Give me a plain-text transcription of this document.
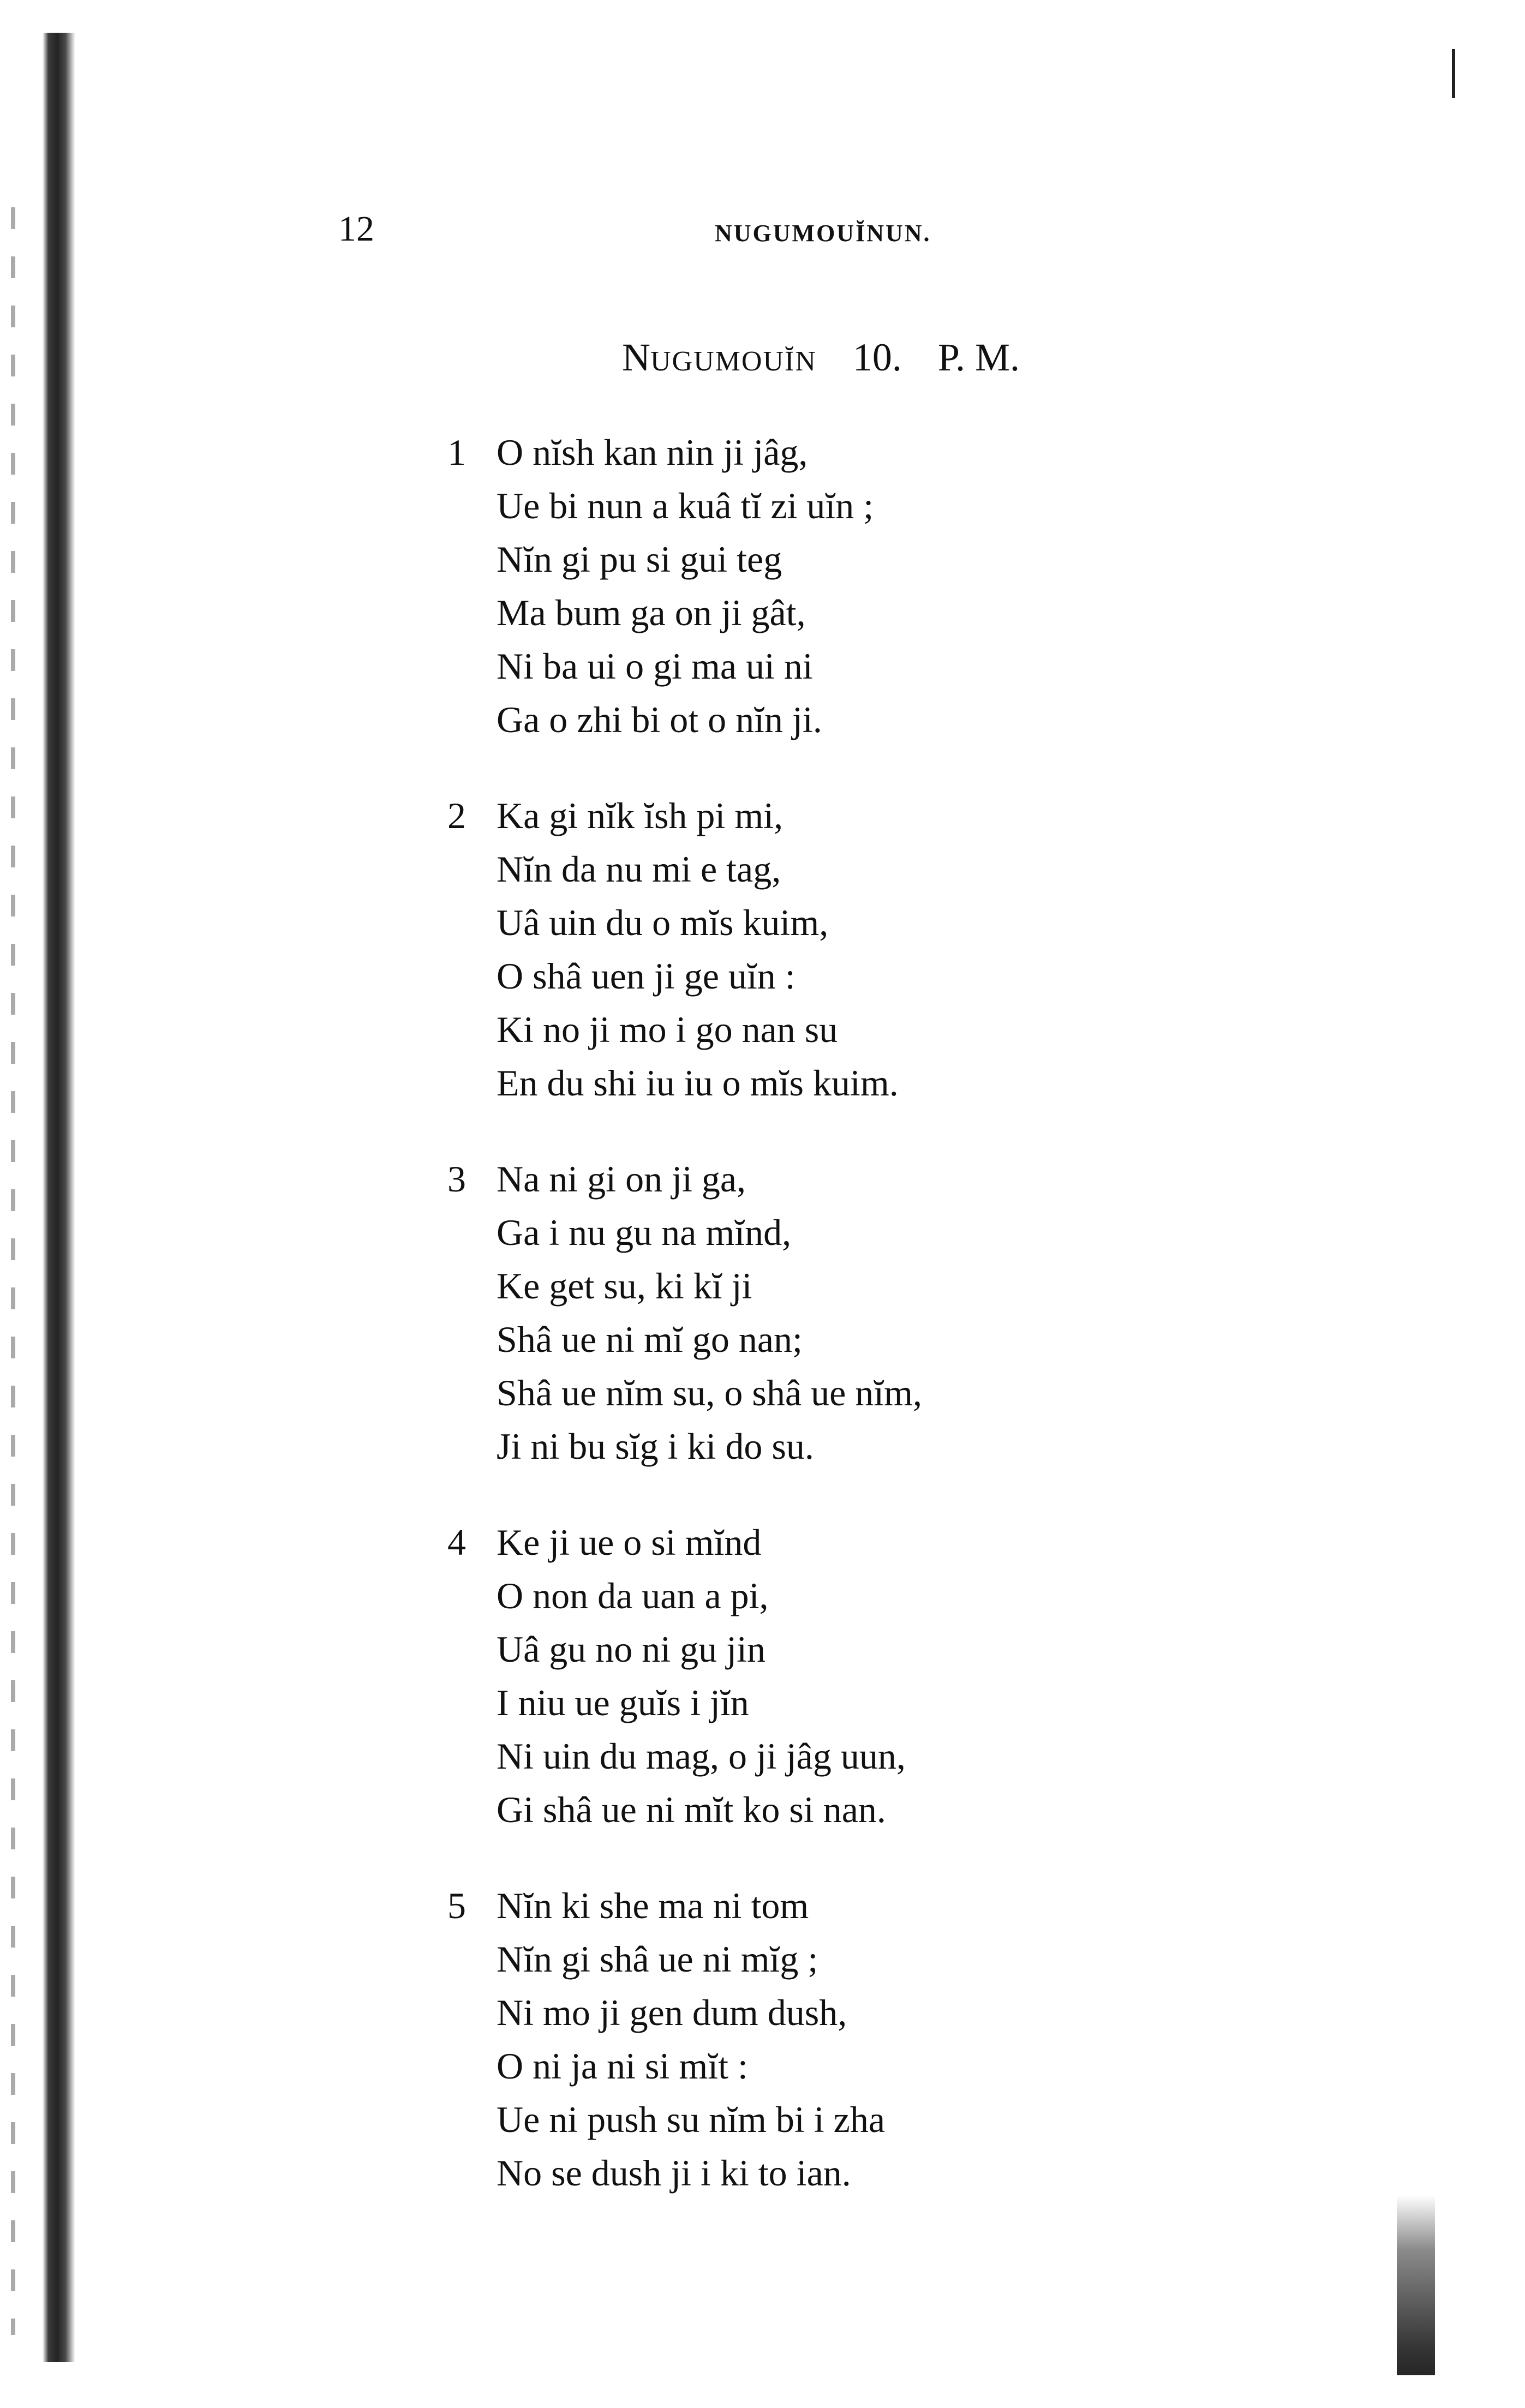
12	NUGUMOUĬNUN.
NUGUMOUĬN 10. P. M.
1 O nĭsh kan nin ji jâg,
Ue bi nun a kuâ tĭ zi uĭn ;
Nĭn gi pu si gui teg
Ma bum ga on ji gât,
Ni ba ui o gi ma ui ni
Ga o zhi bi ot o nĭn ji.
2 Ka gi nĭk ĭsh pi mi,
Nĭn da nu mi e tag,
Uâ uin du o mĭs kuim,
O shâ uen ji ge uĭn :
Ki no ji mo i go nan su
En du shi iu iu o mĭs kuim.
3 Na ni gi on ji ga,
Ga i nu gu na mĭnd,
Ke get su, ki kĭ ji
Shâ ue ni mĭ go nan;
Shâ ue nĭm su, o shâ ue nĭm,
Ji ni bu sĭg i ki do su.
4 Ke ji ue o si mĭnd
O non da uan a pi,
Uâ gu no ni gu jin
I niu ue guĭs i jĭn
Ni uin du mag, o ji jâg uun,
Gi shâ ue ni mĭt ko si nan.
5 Nĭn ki she ma ni tom
Nĭn gi shâ ue ni mĭg ;
Ni mo ji gen dum dush,
O ni ja ni si mĭt :
Ue ni push su nĭm bi i zha
No se dush ji i ki to ian.
